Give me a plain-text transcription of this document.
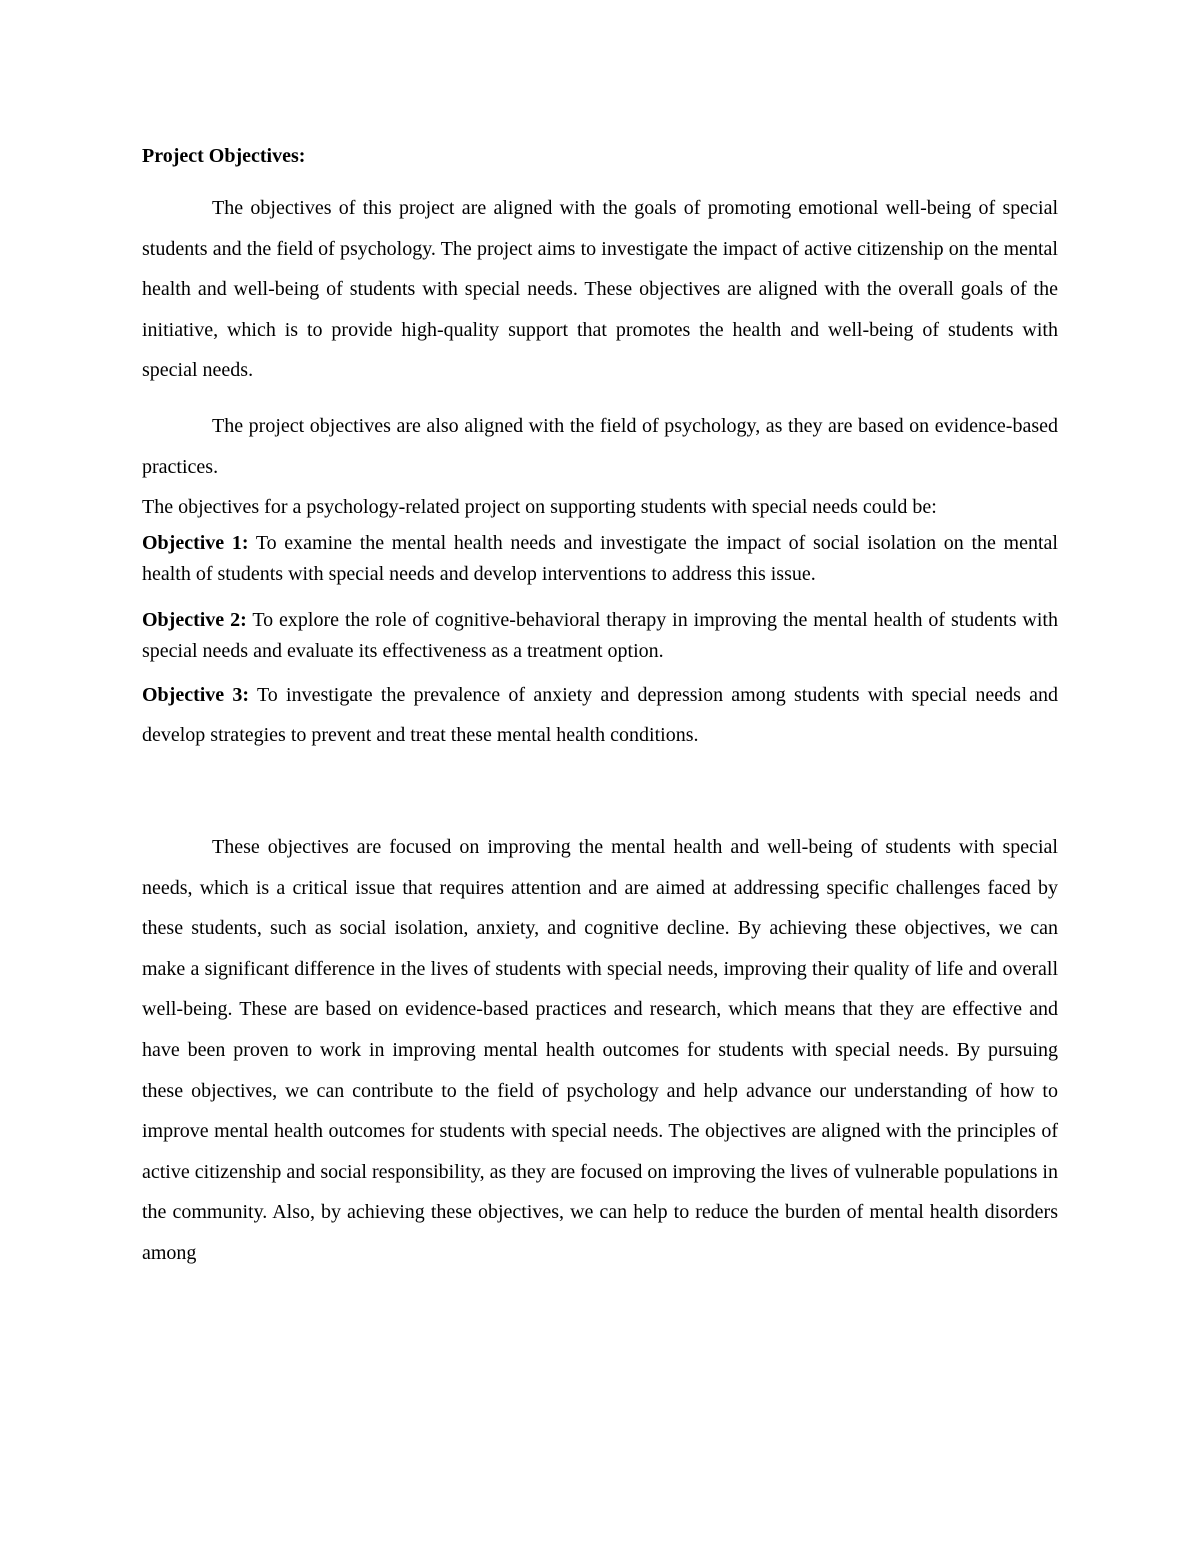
Project Objectives:

The objectives of this project are aligned with the goals of promoting emotional well-being of special students and the field of psychology. The project aims to investigate the impact of active citizenship on the mental health and well-being of students with special needs. These objectives are aligned with the overall goals of the initiative, which is to provide high-quality support that promotes the health and well-being of students with special needs.

The project objectives are also aligned with the field of psychology, as they are based on evidence-based practices.

The objectives for a psychology-related project on supporting students with special needs could be:

Objective 1: To examine the mental health needs and investigate the impact of social isolation on the mental health of students with special needs and develop interventions to address this issue.

Objective 2: To explore the role of cognitive-behavioral therapy in improving the mental health of students with special needs and evaluate its effectiveness as a treatment option.

Objective 3: To investigate the prevalence of anxiety and depression among students with special needs and develop strategies to prevent and treat these mental health conditions.

These objectives are focused on improving the mental health and well-being of students with special needs, which is a critical issue that requires attention and are aimed at addressing specific challenges faced by these students, such as social isolation, anxiety, and cognitive decline. By achieving these objectives, we can make a significant difference in the lives of students with special needs, improving their quality of life and overall well-being. These are based on evidence-based practices and research, which means that they are effective and have been proven to work in improving mental health outcomes for students with special needs. By pursuing these objectives, we can contribute to the field of psychology and help advance our understanding of how to improve mental health outcomes for students with special needs. The objectives are aligned with the principles of active citizenship and social responsibility, as they are focused on improving the lives of vulnerable populations in the community. Also, by achieving these objectives, we can help to reduce the burden of mental health disorders among
